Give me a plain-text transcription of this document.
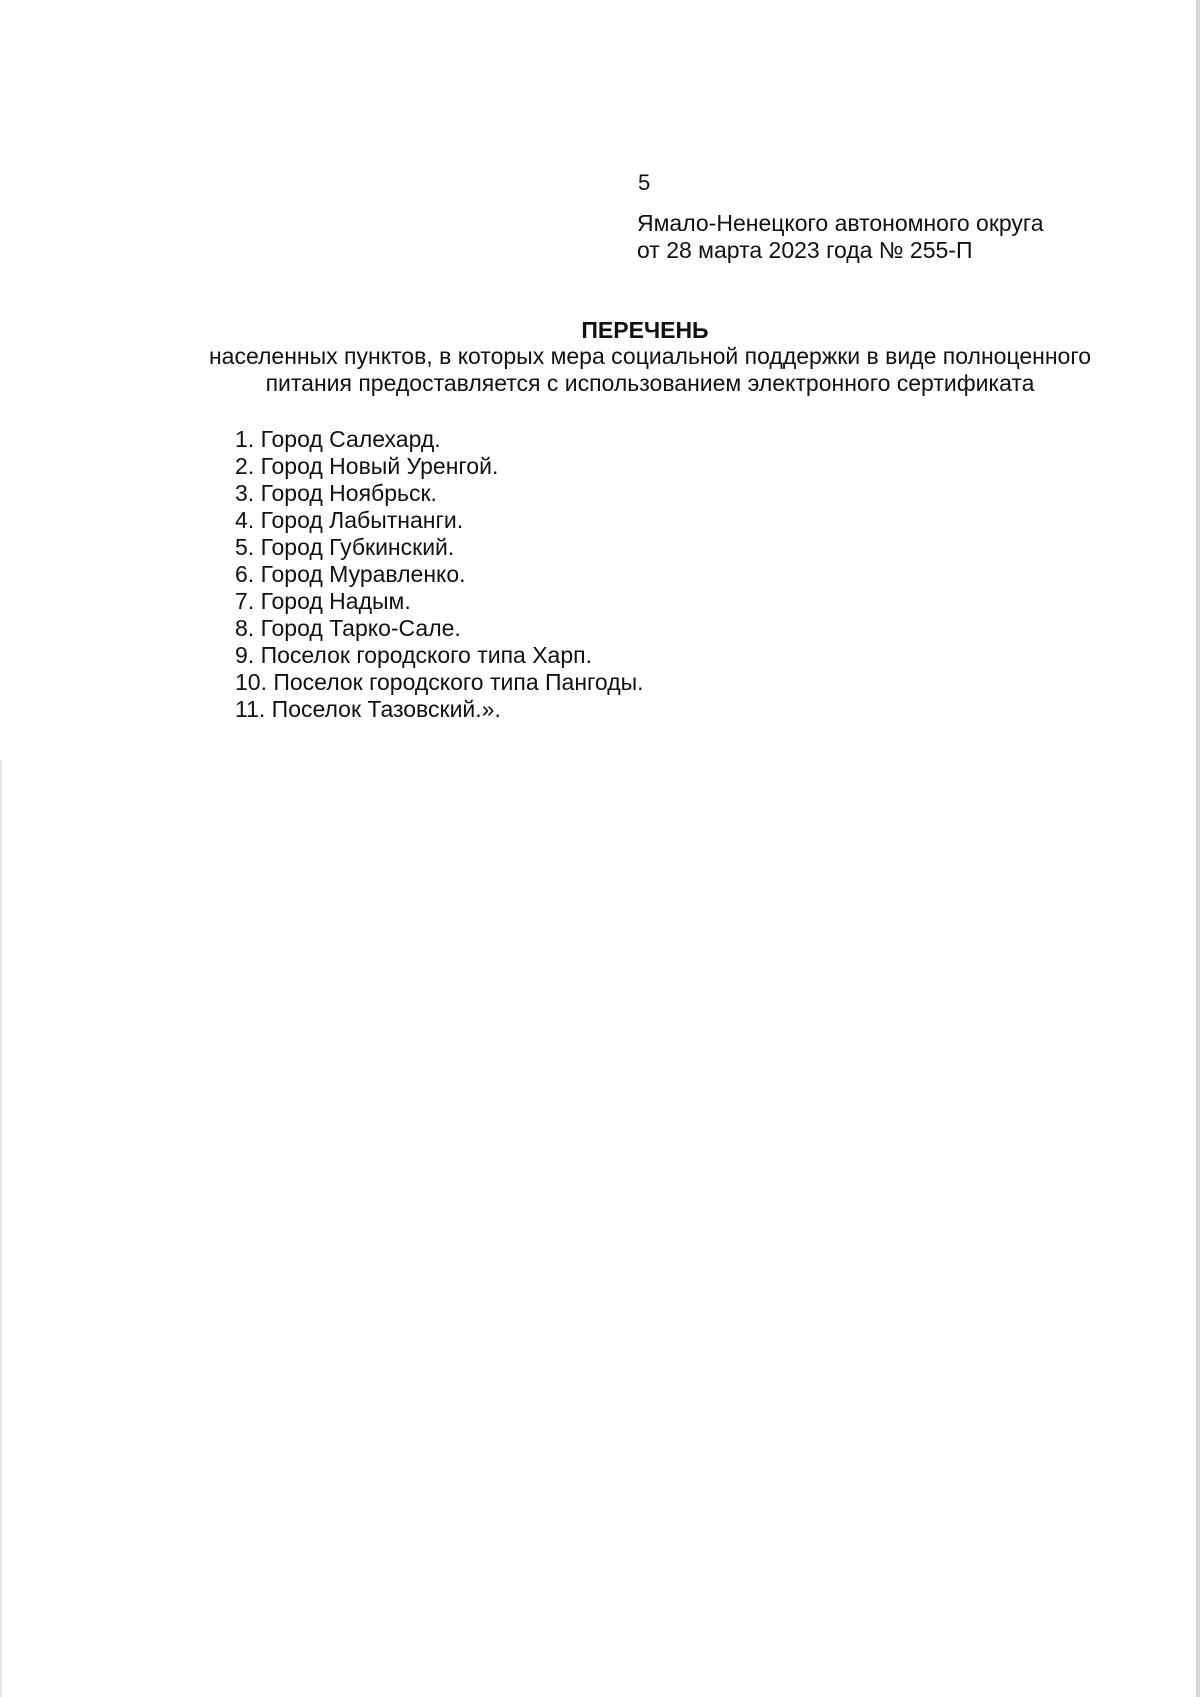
5
Ямало-Ненецкого автономного округа
от 28 марта 2023 года № 255-П
ПЕРЕЧЕНЬ
населенных пунктов, в которых мера социальной поддержки в виде полноценного
питания предоставляется с использованием электронного сертификата
1. Город Салехард.
2. Город Новый Уренгой.
3. Город Ноябрьск.
4. Город Лабытнанги.
5. Город Губкинский.
6. Город Муравленко.
7. Город Надым.
8. Город Тарко-Сале.
9. Поселок городского типа Харп.
10. Поселок городского типа Пангоды.
11. Поселок Тазовский.».
